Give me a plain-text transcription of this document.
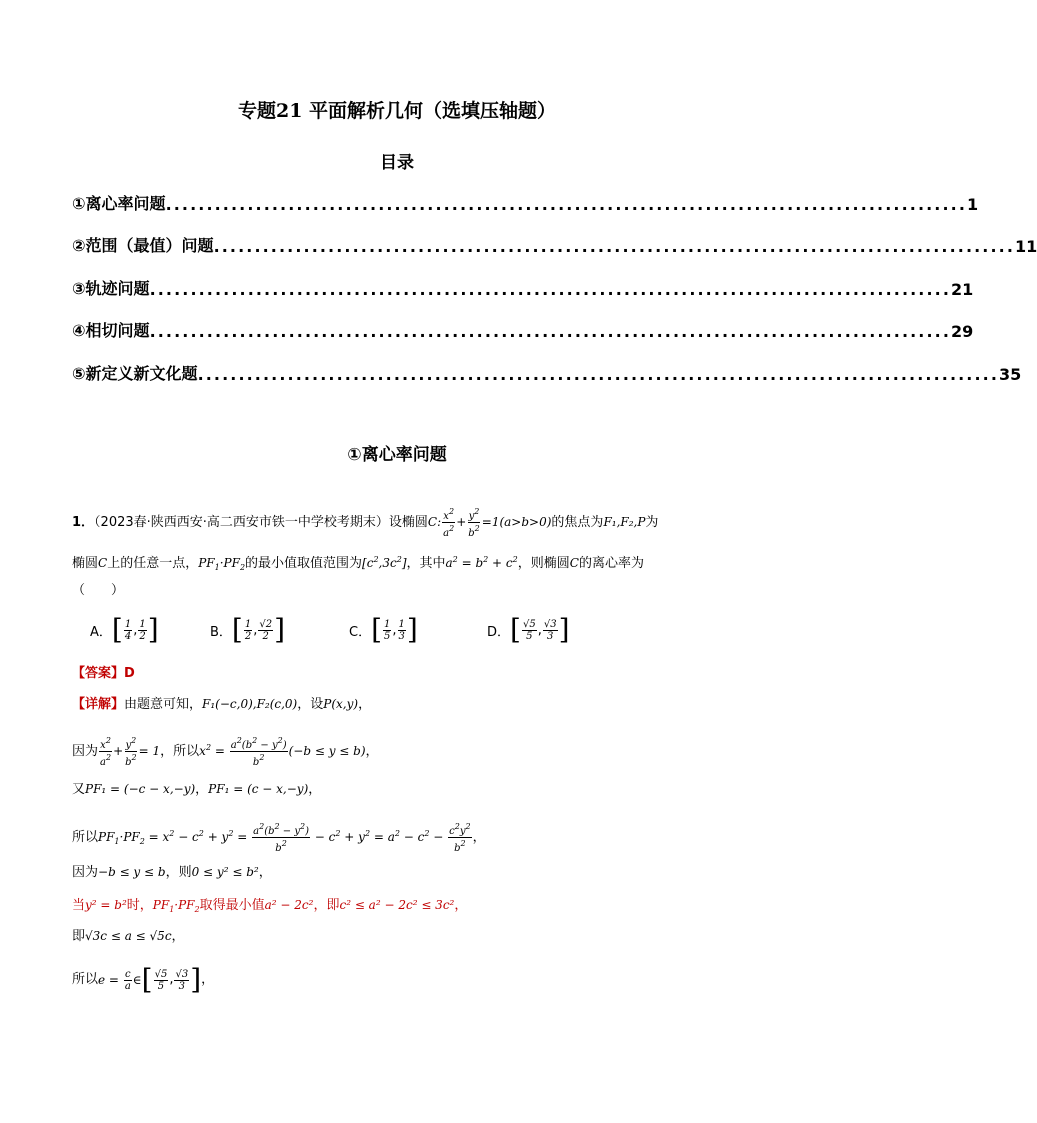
专题21 平面解析几何（选填压轴题）
目录
①离心率问题 .................................................................................................. 1
②范围（最值）问题 .................................................................................................. 11
③轨迹问题 .................................................................................................. 21
④相切问题 .................................................................................................. 29
⑤新定义新文化题 .................................................................................................. 35
①离心率问题
1．（2023春·陕西西安·高二西安市铁一中学校考期末）设椭圆C: $\frac{x^2}{a^2} + \frac{y^2}{b^2} =1(a>b>0)$的焦点为F₁,F₂,P为
椭圆C上的任意一点，$PF_1\cdot PF_2$的最小值取值范围为$[c^2,3c^2]$，其中$a^2 = b^2 + c^2$，则椭圆C的离心率为
（　　）
A． [ $\frac{1}{4}$ , $\frac{1}{2}$ ]	B． [ $\frac{1}{2}$ , $\frac{√2}{2}$ ]	C． [ $\frac{1}{5}$ , $\frac{1}{3}$ ]	D． [ $\frac{√5}{5}$ , $\frac{√3}{3}$ ]
【答案】D
【详解】由题意可知，F₁(−c,0),F₂(c,0)，设P(x,y)，
因为 $\frac{x^2}{a^2} + \frac{y^2}{b^2} = 1$，所以$x^2 = \frac{a^2(b^2 - y^2)}{b^2} (-b \le y \le b)$，
又PF₁ = (−c − x,−y)，PF₁ = (c − x,−y)，
所以$PF_1\cdot PF_2 = x^2 - c^2 + y^2 = \frac{a^2(b^2 - y^2)}{b^2} - c^2 + y^2 = a^2 - c^2 - \frac{c^2y^2}{b^2}$ ，
因为−b ≤ y ≤ b，则0 ≤ y² ≤ b²，
当y² = b²时，$PF_1\cdot PF_2$取得最小值a² − 2c²，即c² ≤ a² − 2c² ≤ 3c²，
即√3c ≤ a ≤ √5c，
所以 $e = \frac{c}{a}$ ∈ [ $\frac{√5}{5}$ , $\frac{√3}{3}$ ] ，
